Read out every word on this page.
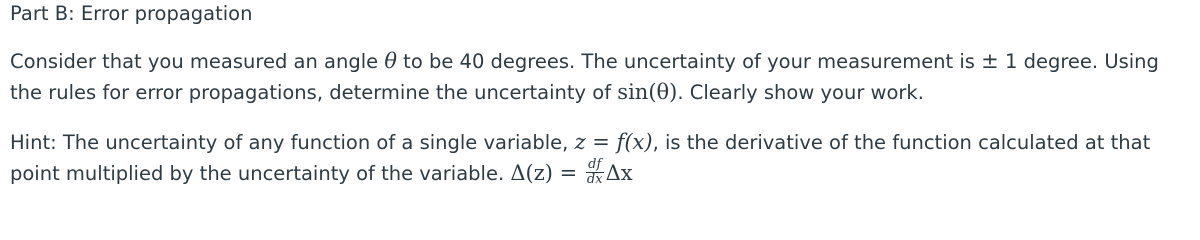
Part B: Error propagation

Consider that you measured an angle θ to be 40 degrees. The uncertainty of your measurement is ± 1 degree. Using the rules for error propagations, determine the uncertainty of sin(θ). Clearly show your work.

Hint: The uncertainty of any function of a single variable, z = f(x), is the derivative of the function calculated at that point multiplied by the uncertainty of the variable. $\Delta(z) = \frac{df}{dx}$ Δx
